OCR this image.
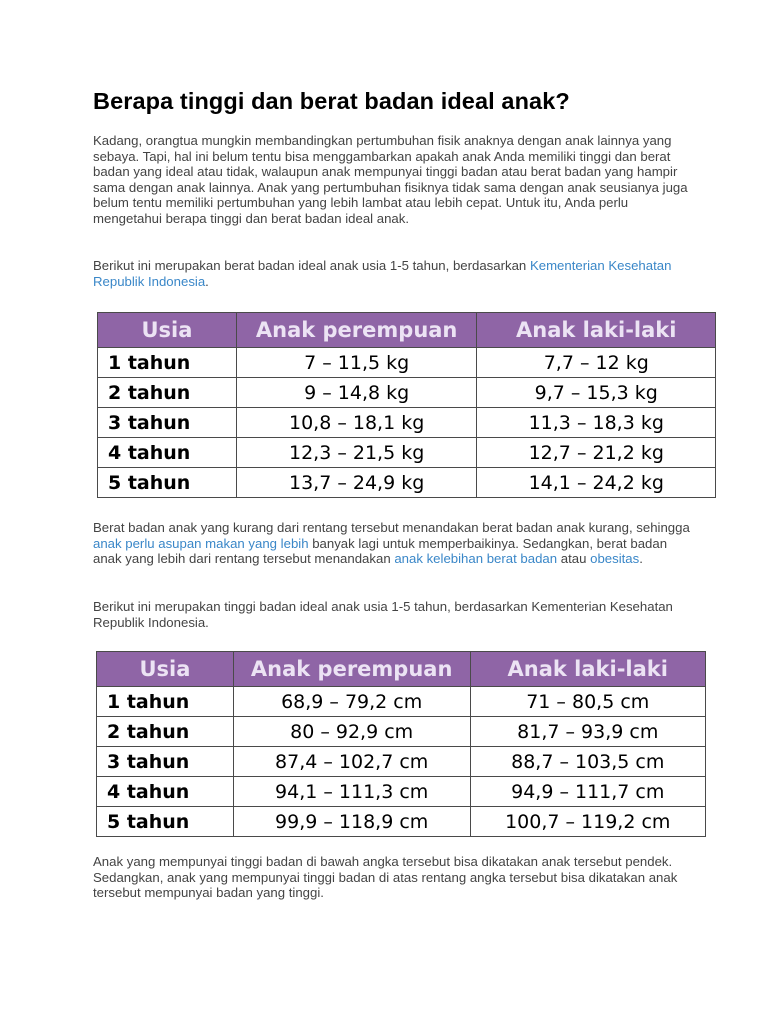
Berapa tinggi dan berat badan ideal anak?

Kadang, orangtua mungkin membandingkan pertumbuhan fisik anaknya dengan anak lainnya yang sebaya. Tapi, hal ini belum tentu bisa menggambarkan apakah anak Anda memiliki tinggi dan berat badan yang ideal atau tidak, walaupun anak mempunyai tinggi badan atau berat badan yang hampir sama dengan anak lainnya. Anak yang pertumbuhan fisiknya tidak sama dengan anak seusianya juga belum tentu memiliki pertumbuhan yang lebih lambat atau lebih cepat. Untuk itu, Anda perlu mengetahui berapa tinggi dan berat badan ideal anak.

Berikut ini merupakan berat badan ideal anak usia 1-5 tahun, berdasarkan Kementerian Kesehatan Republik Indonesia.

Usia	Anak perempuan	Anak laki-laki
1 tahun	7 – 11,5 kg	7,7 – 12 kg
2 tahun	9 – 14,8 kg	9,7 – 15,3 kg
3 tahun	10,8 – 18,1 kg	11,3 – 18,3 kg
4 tahun	12,3 – 21,5 kg	12,7 – 21,2 kg
5 tahun	13,7 – 24,9 kg	14,1 – 24,2 kg

Berat badan anak yang kurang dari rentang tersebut menandakan berat badan anak kurang, sehingga anak perlu asupan makan yang lebih banyak lagi untuk memperbaikinya. Sedangkan, berat badan anak yang lebih dari rentang tersebut menandakan anak kelebihan berat badan atau obesitas.

Berikut ini merupakan tinggi badan ideal anak usia 1-5 tahun, berdasarkan Kementerian Kesehatan Republik Indonesia.

Usia	Anak perempuan	Anak laki-laki
1 tahun	68,9 – 79,2 cm	71 – 80,5 cm
2 tahun	80 – 92,9 cm	81,7 – 93,9 cm
3 tahun	87,4 – 102,7 cm	88,7 – 103,5 cm
4 tahun	94,1 – 111,3 cm	94,9 – 111,7 cm
5 tahun	99,9 – 118,9 cm	100,7 – 119,2 cm

Anak yang mempunyai tinggi badan di bawah angka tersebut bisa dikatakan anak tersebut pendek. Sedangkan, anak yang mempunyai tinggi badan di atas rentang angka tersebut bisa dikatakan anak tersebut mempunyai badan yang tinggi.
